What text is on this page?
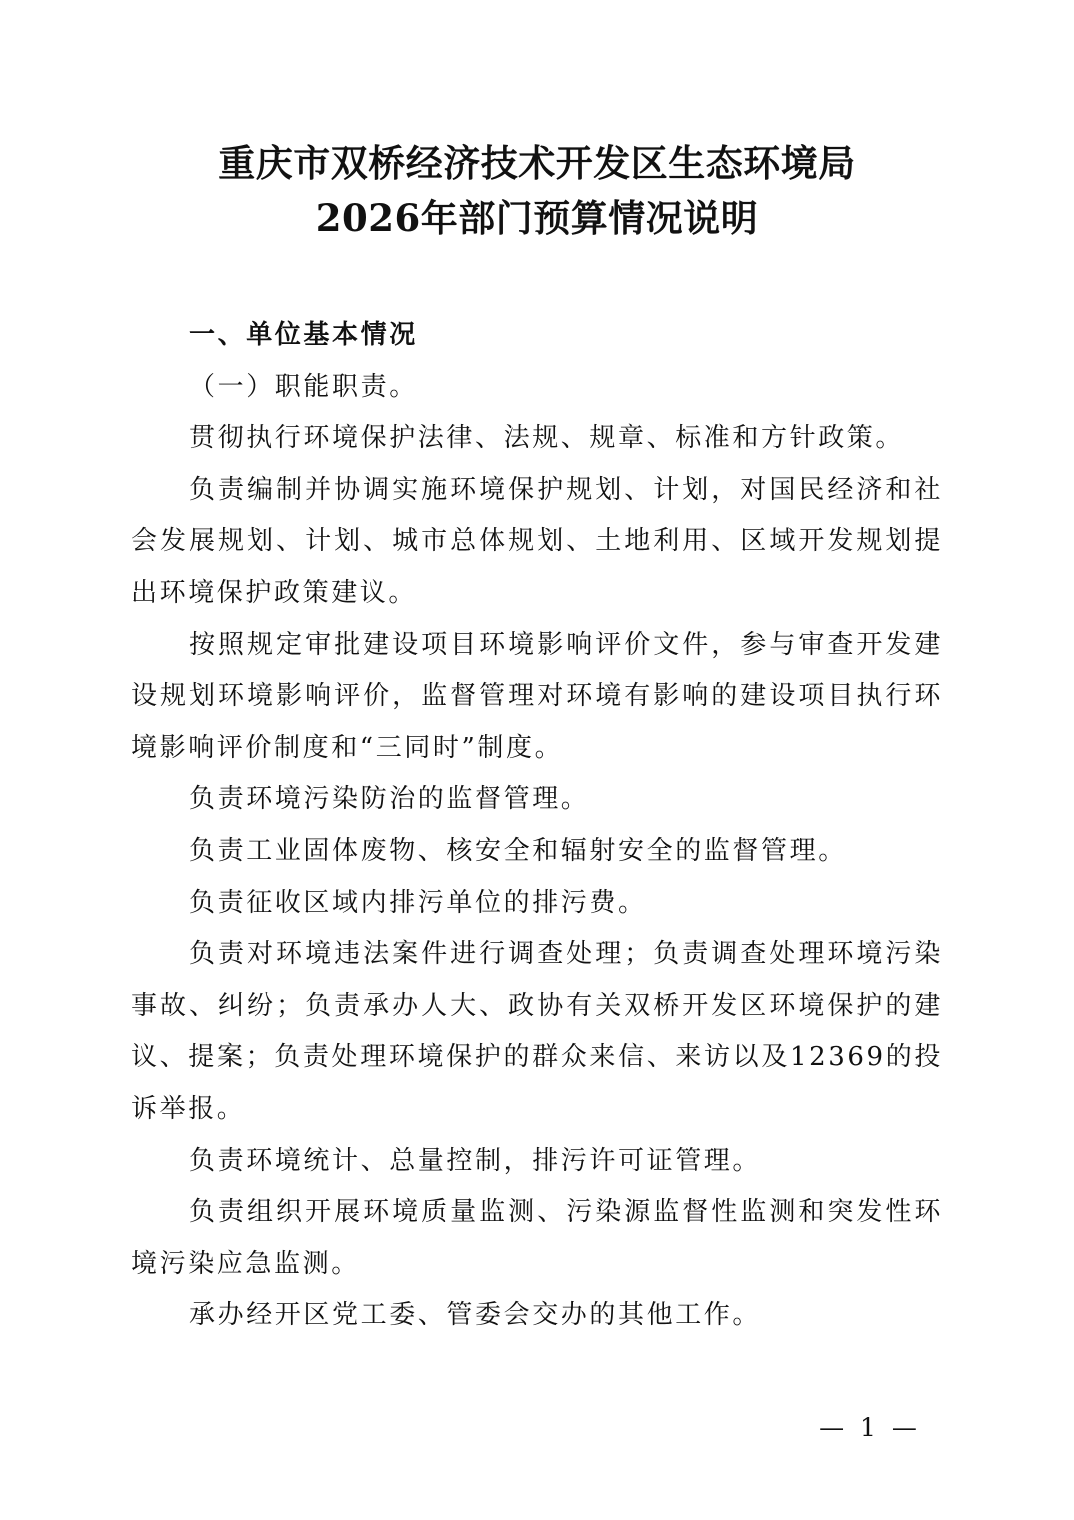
重庆市双桥经济技术开发区生态环境局
2026年部门预算情况说明

一、单位基本情况

（一）职能职责。

贯彻执行环境保护法律、法规、规章、标准和方针政策。

负责编制并协调实施环境保护规划、计划，对国民经济和社会发展规划、计划、城市总体规划、土地利用、区域开发规划提出环境保护政策建议。

按照规定审批建设项目环境影响评价文件，参与审查开发建设规划环境影响评价，监督管理对环境有影响的建设项目执行环境影响评价制度和“三同时”制度。

负责环境污染防治的监督管理。

负责工业固体废物、核安全和辐射安全的监督管理。

负责征收区域内排污单位的排污费。

负责对环境违法案件进行调查处理；负责调查处理环境污染事故、纠纷；负责承办人大、政协有关双桥开发区环境保护的建议、提案；负责处理环境保护的群众来信、来访以及12369的投诉举报。

负责环境统计、总量控制，排污许可证管理。

负责组织开展环境质量监测、污染源监督性监测和突发性环境污染应急监测。

承办经开区党工委、管委会交办的其他工作。

— 1 —
